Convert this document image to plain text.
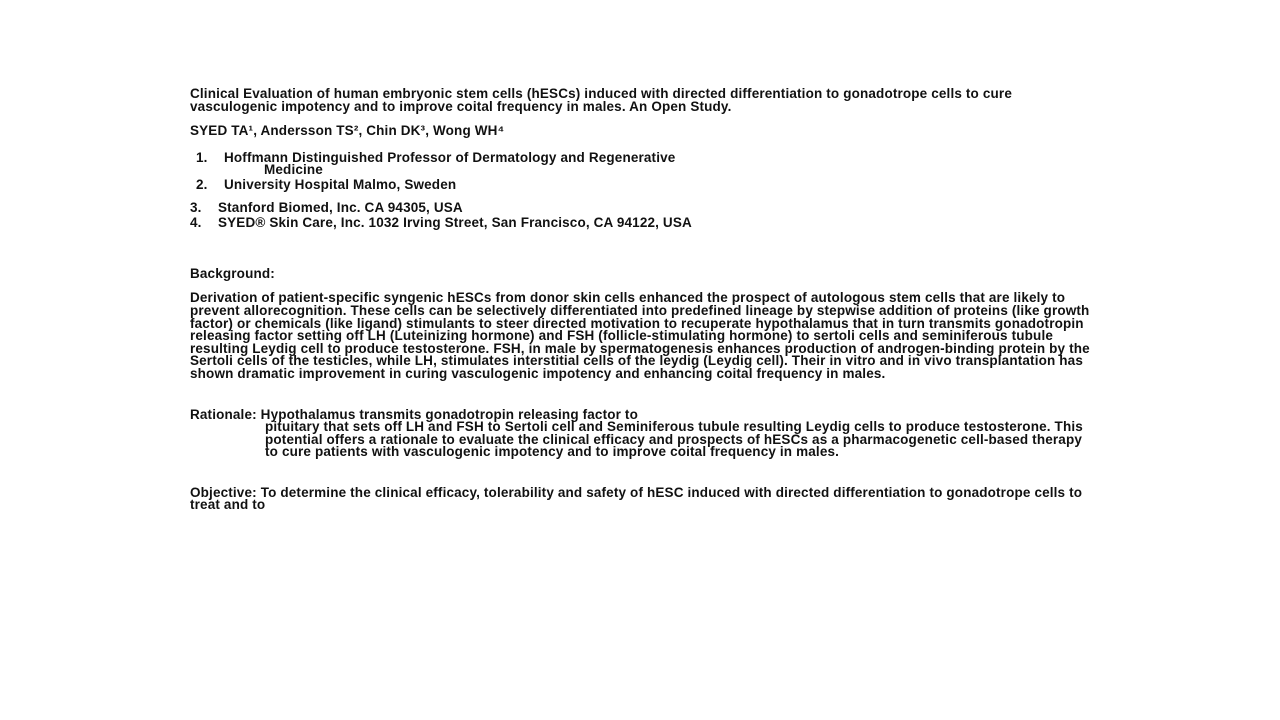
Clinical Evaluation of human embryonic stem cells (hESCs) induced with directed differentiation to gonadotrope cells to cure vasculogenic impotency and to improve coital frequency in males. An Open Study.

SYED TA¹, Andersson TS², Chin DK³, Wong WH⁴

1.	Hoffmann Distinguished Professor of Dermatology and Regenerative
Medicine
2.	University Hospital Malmo, Sweden
3.	Stanford Biomed, Inc. CA 94305, USA
4.	SYED® Skin Care, Inc. 1032 Irving Street, San Francisco, CA 94122, USA

Background:

Derivation of patient-specific syngenic hESCs from donor skin cells enhanced the prospect of autologous stem cells that are likely to prevent allorecognition. These cells can be selectively differentiated into predefined lineage by stepwise addition of proteins (like growth factor) or chemicals (like ligand) stimulants to steer directed motivation to recuperate hypothalamus that in turn transmits gonadotropin releasing factor setting off LH (Luteinizing hormone) and FSH (follicle-stimulating hormone) to sertoli cells and seminiferous tubule resulting Leydig cell to produce testosterone. FSH, in male by spermatogenesis enhances production of androgen-binding protein by the Sertoli cells of the testicles, while LH, stimulates interstitial cells of the leydig (Leydig cell). Their in vitro and in vivo transplantation has shown dramatic improvement in curing vasculogenic impotency and enhancing coital frequency in males.

Rationale: Hypothalamus transmits gonadotropin releasing factor to
pituitary that sets off LH and FSH to Sertoli cell and Seminiferous tubule resulting Leydig cells to produce testosterone. This potential offers a rationale to evaluate the clinical efficacy and prospects of hESCs as a pharmacogenetic cell-based therapy to cure patients with vasculogenic impotency and to improve coital frequency in males.

Objective: To determine the clinical efficacy, tolerability and safety of hESC induced with directed differentiation to gonadotrope cells to treat and to
